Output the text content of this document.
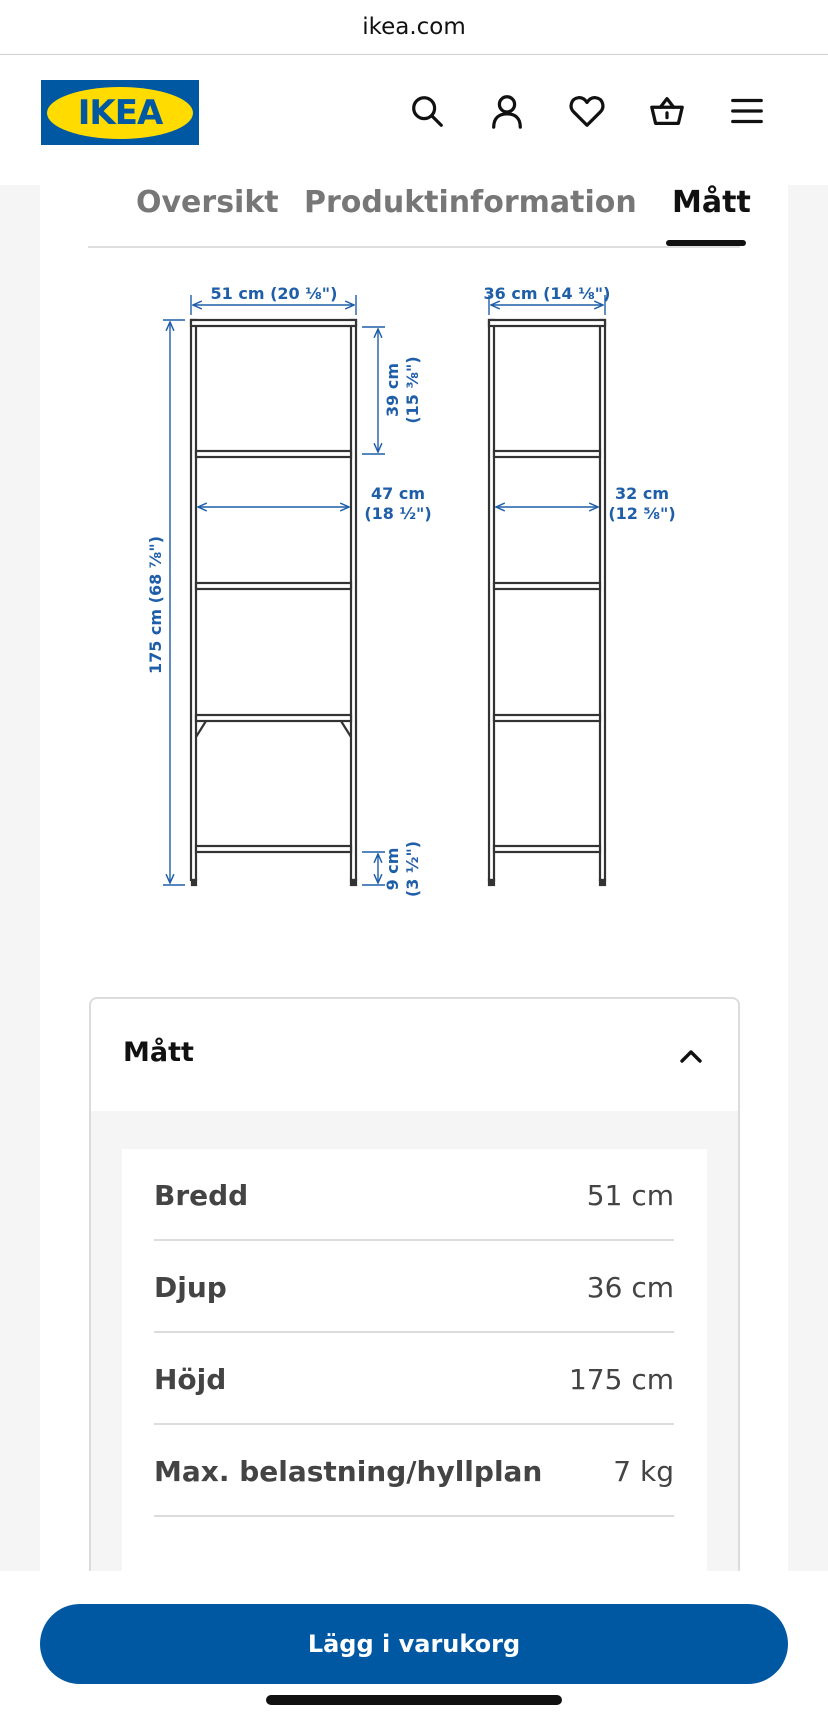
ikea.com
IKEA
Oversikt Produktinformation Mått
51 cm (20 ⅛")	36 cm (14 ⅛")
175 cm (68 ⅞")
39 cm (15 ⅜")
47 cm
(18 ½")
32 cm
(12 ⅝")
9 cm (3 ½")
Mått
Bredd	51 cm
Djup	36 cm
Höjd	175 cm
Max. belastning/hyllplan	7 kg
Lägg i varukorg
